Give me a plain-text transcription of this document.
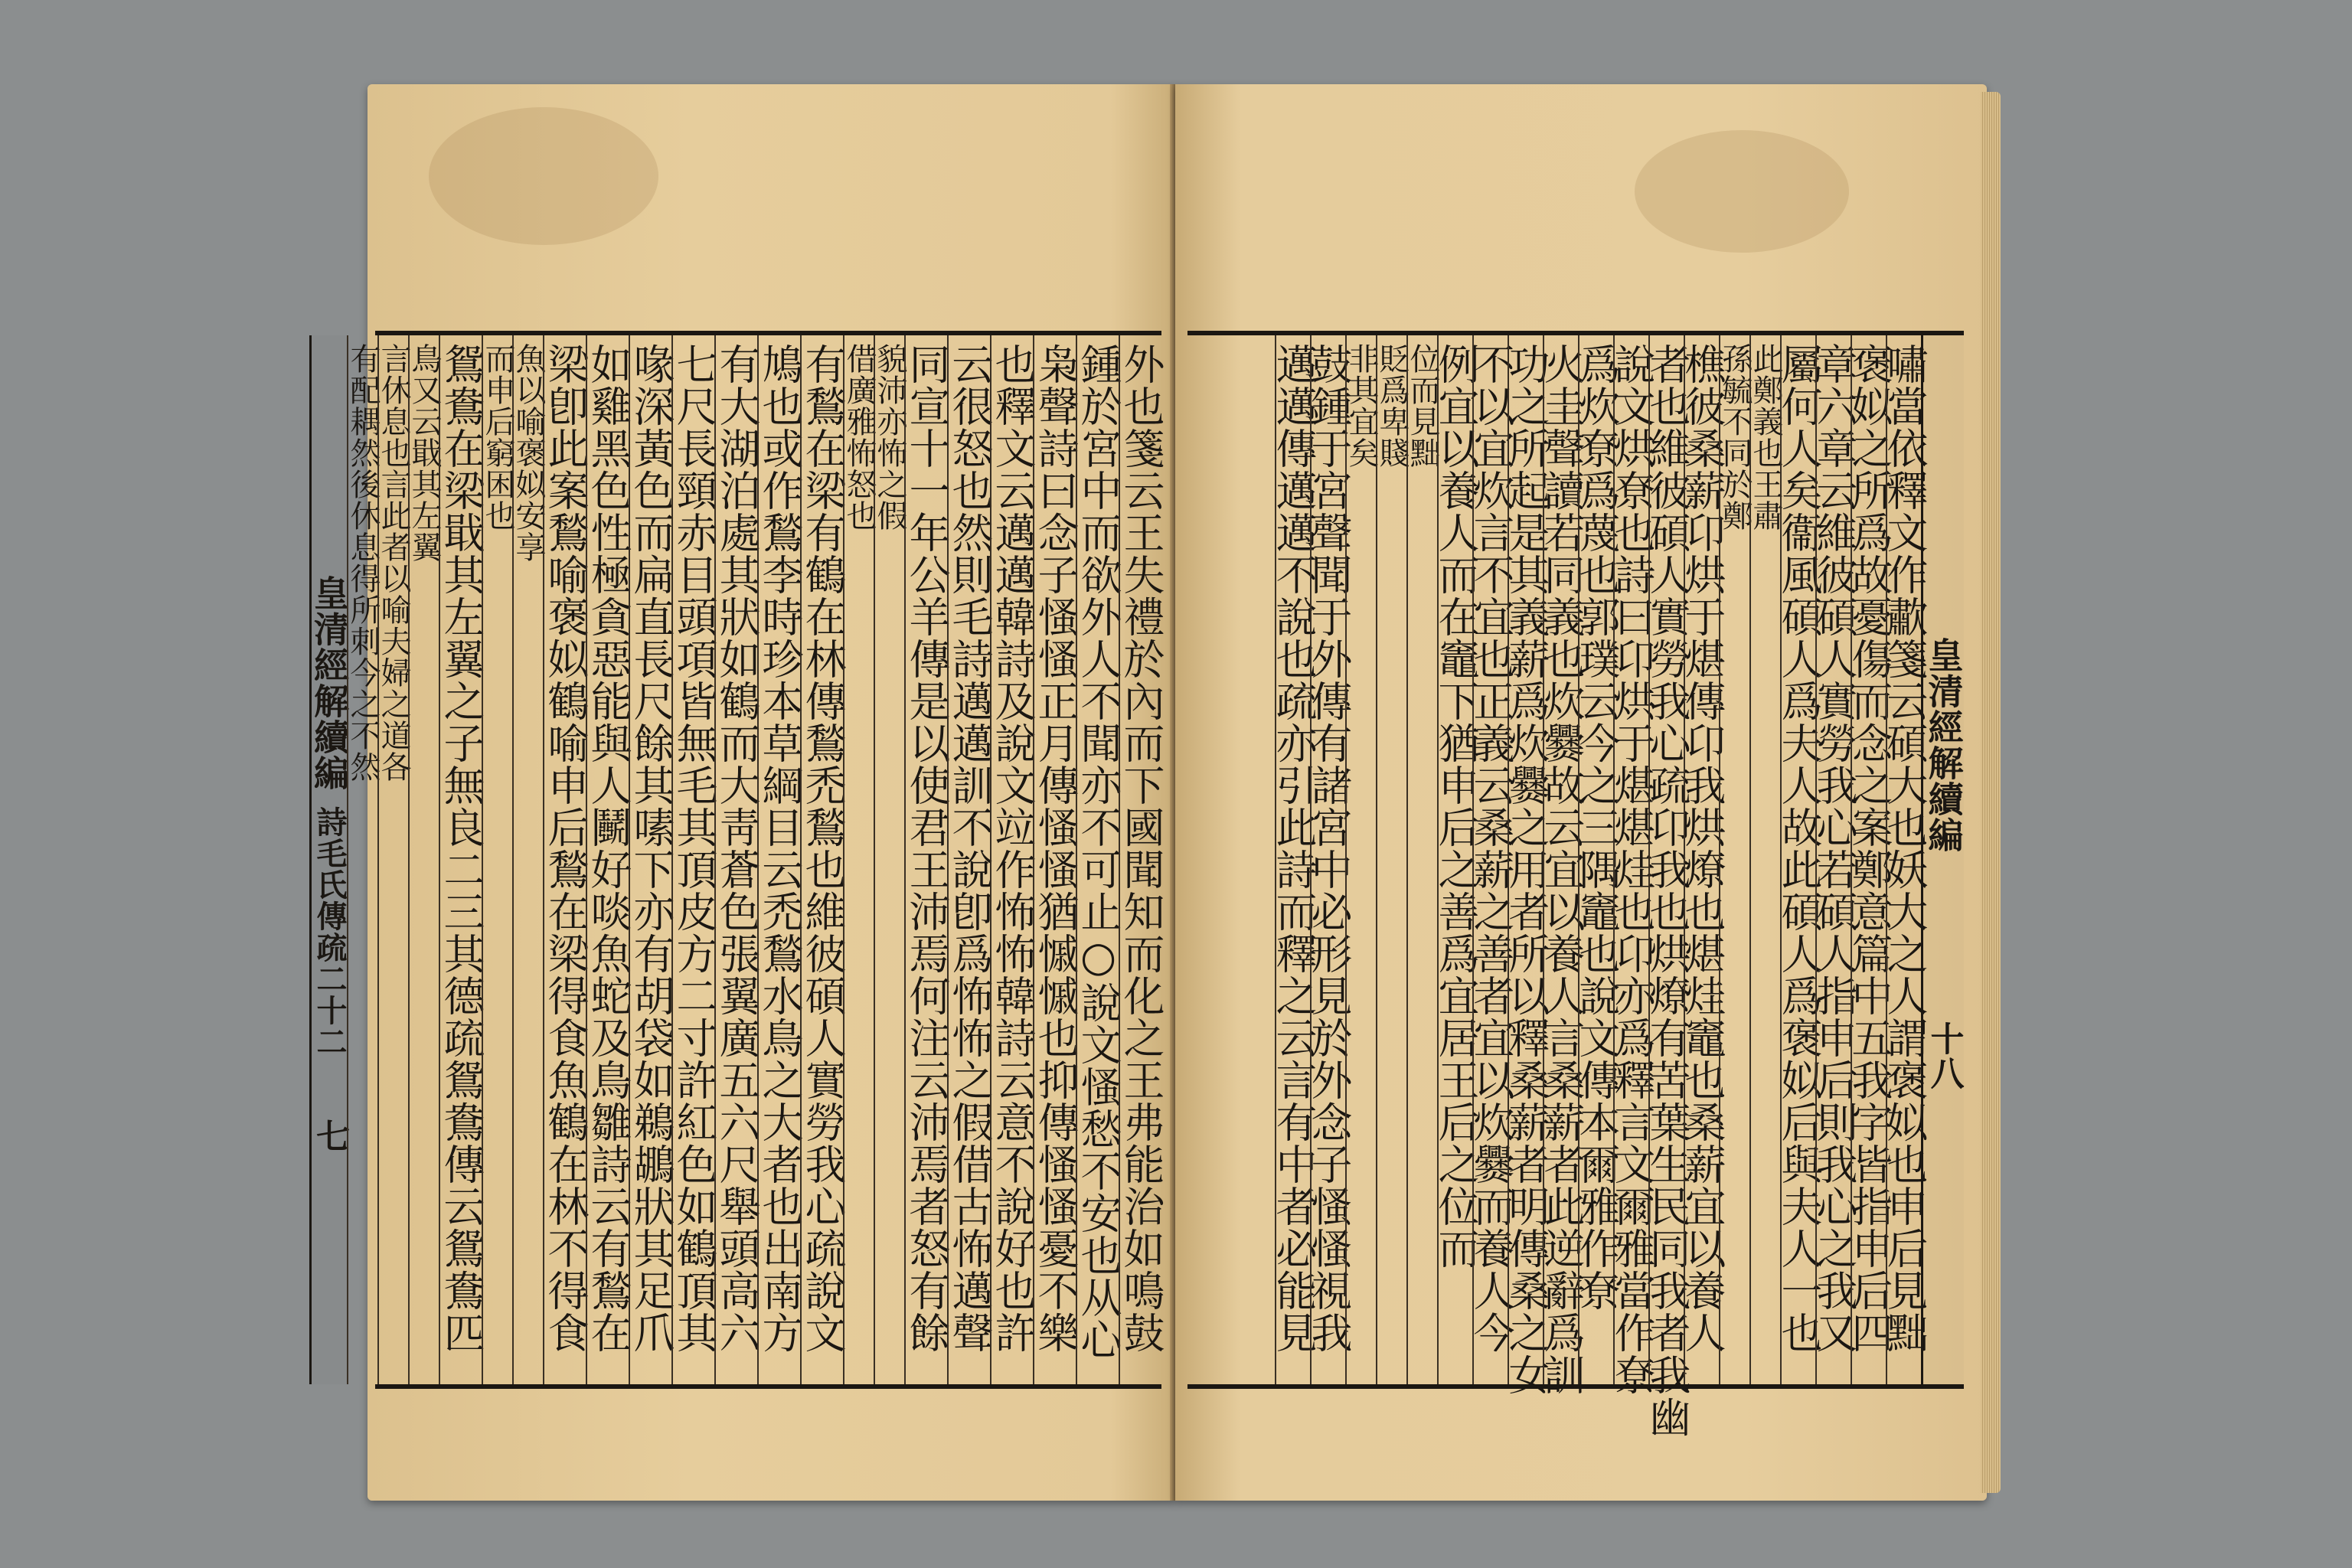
外也箋云王失禮於內而下國聞知而化之王弗能治如鳴鼓
鍾於宮中而欲外人不聞亦不可止○說文慅愁不安也从心
枭聲詩曰念子慅慅正月傳慅慅猶慽慽也抑傳慅慅憂不樂
也釋文云邁邁韓詩及說文竝作怖怖韓詩云意不說好也許
云很怒也然則毛詩邁邁訓不說卽爲怖怖之假借古怖邁聲
同宣十一年公羊傳是以使君王沛焉何注云沛焉者怒有餘
貌沛亦怖之假
借廣雅怖怒也
有鶖在梁有鶴在林傳鶖禿鶖也維彼碩人實勞我心疏說文
鳩也或作鶖李時珍本草綱目云禿鶖水鳥之大者也出南方
有大湖泊處其狀如鶴而大靑蒼色張翼廣五六尺舉頭高六
七尺長頸赤目頭項皆無毛其頂皮方二寸許紅色如鶴頂其
喙深黃色而扁直長尺餘其嗉下亦有胡袋如鵜鶘狀其足爪
如雞黑色性極貪惡能與人鬭好啖魚蛇及鳥雛詩云有鶖在
梁卽此案鶖喻褒姒鶴喻申后鶖在梁得食魚鶴在林不得食
魚以喻褒姒安享
而申后窮困也
鴛鴦在梁戢其左翼之子無良二三其德疏鴛鴦傳云鴛鴦匹
鳥又云戢其左翼
言休息也言此者以喻夫婦之道各
有配耦然後休息得所刺今之不然
皇清經解續編
詩毛氏傳疏二十二
七
皇清經解續編
十八
嘯當依釋文作歗箋云碩大也妖大之人謂褒姒也申后見黜
褒姒之所爲故憂傷而念之案鄭意篇中五我字皆指申后四
章六章云維彼碩人實勞我心若碩人指申后則我心之我又
屬何人矣衞風碩人爲夫人故此碩人爲褒姒后與夫人一也
此鄭義也王肅
孫毓不同於鄭
樵彼桑薪卬烘于煁傳卬我烘燎也煁烓竈也桑薪宜以養人
者也維彼碩人實勞我心疏卬我也烘燎有苦葉生民同我者我幽
說文烘尞也詩曰卬烘于煁煁烓也卬亦爲釋言文爾雅當作尞
爲炊尞爲蔑也郭璞云今之三隅竈也說文傳本爾雅作尞
火圭聲讀若同義也炊爨故云宜以養人言桑薪者此逆辭爲訓
功之所起是其義薪爲炊爨之用者所以釋桑薪者明傳桑之女
不以宜炊言不宜也正義云桑薪之善者宜以炊爨而養人今
例宜以養人而在竈下猶申后之善爲宜居王后之位而
位而見黜
貶爲卑賤
非其宜矣
鼓鍾于宮聲聞于外傳有諸宮中必形見於外念子慅慅視我
邁邁傳邁邁不說也疏亦引此詩而釋之云言有中者必能見
